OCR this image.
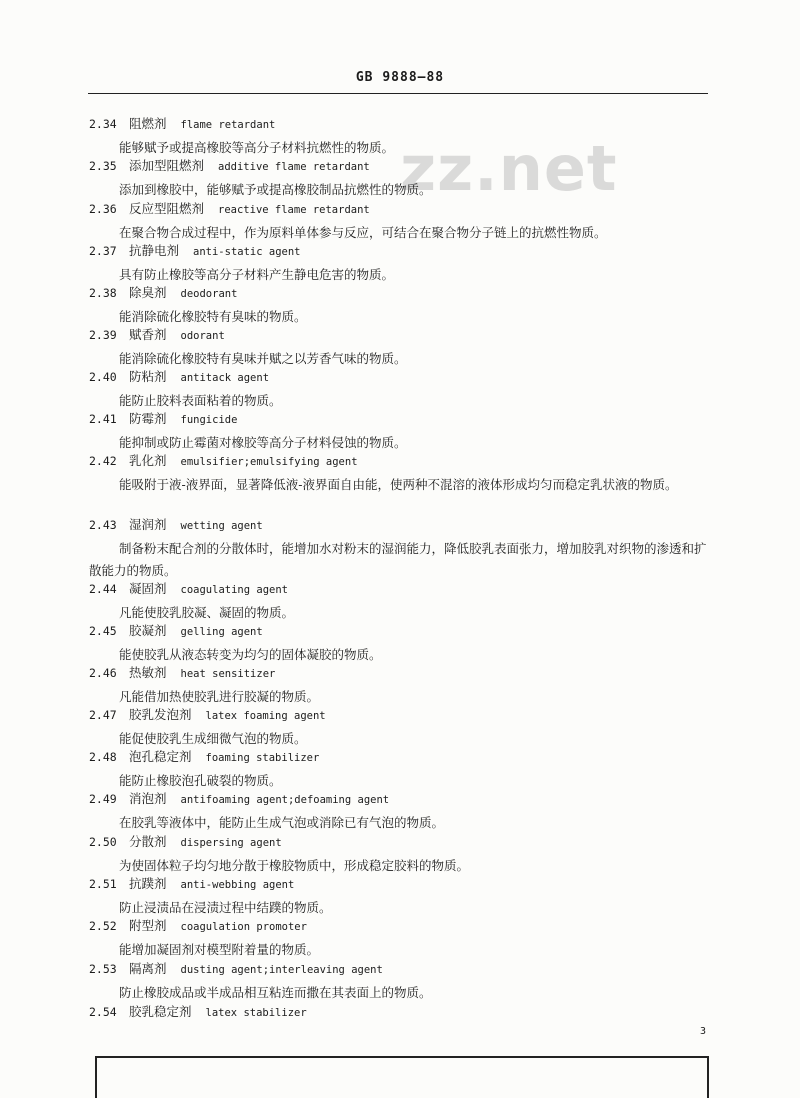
GB 9888—88
zz.net
2.34 阻燃剂 flame retardant
能够赋予或提高橡胶等高分子材料抗燃性的物质。
2.35 添加型阻燃剂 additive flame retardant
添加到橡胶中，能够赋予或提高橡胶制品抗燃性的物质。
2.36 反应型阻燃剂 reactive flame retardant
在聚合物合成过程中，作为原料单体参与反应，可结合在聚合物分子链上的抗燃性物质。
2.37 抗静电剂 anti-static agent
具有防止橡胶等高分子材料产生静电危害的物质。
2.38 除臭剂 deodorant
能消除硫化橡胶特有臭味的物质。
2.39 赋香剂 odorant
能消除硫化橡胶特有臭味并赋之以芳香气味的物质。
2.40 防粘剂 antitack agent
能防止胶料表面粘着的物质。
2.41 防霉剂 fungicide
能抑制或防止霉菌对橡胶等高分子材料侵蚀的物质。
2.42 乳化剂 emulsifier;emulsifying agent
能吸附于液-液界面，显著降低液-液界面自由能，使两种不混溶的液体形成均匀而稳定乳状液的物质。
2.43 湿润剂 wetting agent
制备粉末配合剂的分散体时，能增加水对粉末的湿润能力，降低胶乳表面张力，增加胶乳对织物的渗透和扩散能力的物质。
2.44 凝固剂 coagulating agent
凡能使胶乳胶凝、凝固的物质。
2.45 胶凝剂 gelling agent
能使胶乳从液态转变为均匀的固体凝胶的物质。
2.46 热敏剂 heat sensitizer
凡能借加热使胶乳进行胶凝的物质。
2.47 胶乳发泡剂 latex foaming agent
能促使胶乳生成细微气泡的物质。
2.48 泡孔稳定剂 foaming stabilizer
能防止橡胶泡孔破裂的物质。
2.49 消泡剂 antifoaming agent;defoaming agent
在胶乳等液体中，能防止生成气泡或消除已有气泡的物质。
2.50 分散剂 dispersing agent
为使固体粒子均匀地分散于橡胶物质中，形成稳定胶料的物质。
2.51 抗蹼剂 anti-webbing agent
防止浸渍品在浸渍过程中结蹼的物质。
2.52 附型剂 coagulation promoter
能增加凝固剂对模型附着量的物质。
2.53 隔离剂 dusting agent;interleaving agent
防止橡胶成品或半成品相互粘连而撒在其表面上的物质。
2.54 胶乳稳定剂 latex stabilizer
3
